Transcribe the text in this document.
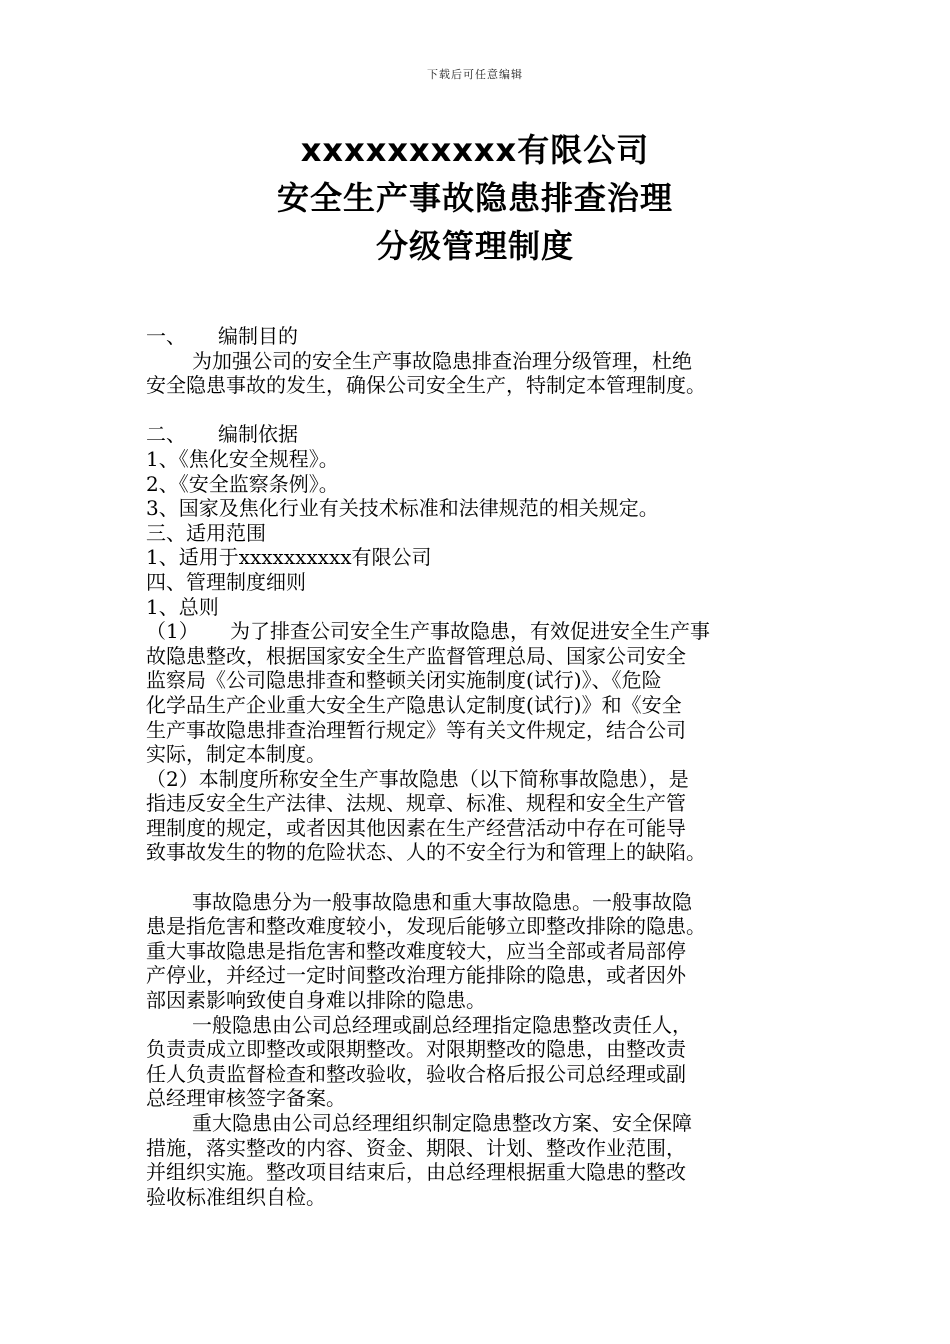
下载后可任意编辑
xxxxxxxxxx有限公司
安全生产事故隐患排查治理
分级管理制度

一、 编制目的

为加强公司的安全生产事故隐患排查治理分级管理，杜绝

安全隐患事故的发生，确保公司安全生产，特制定本管理制度。

二、 编制依据

1、《焦化安全规程》。

2、《安全监察条例》。

3、国家及焦化行业有关技术标准和法律规范的相关规定。

三、适用范围

1、适用于xxxxxxxxxx有限公司

四、管理制度细则

1、总则

（1） 为了排查公司安全生产事故隐患，有效促进安全生产事

故隐患整改，根据国家安全生产监督管理总局、国家公司安全

监察局《公司隐患排查和整顿关闭实施制度(试行)》、《危险

化学品生产企业重大安全生产隐患认定制度(试行)》和《安全

生产事故隐患排查治理暂行规定》等有关文件规定，结合公司

实际，制定本制度。

（2）本制度所称安全生产事故隐患（以下简称事故隐患），是

指违反安全生产法律、法规、规章、标准、规程和安全生产管

理制度的规定，或者因其他因素在生产经营活动中存在可能导

致事故发生的物的危险状态、人的不安全行为和管理上的缺陷。

事故隐患分为一般事故隐患和重大事故隐患。一般事故隐

患是指危害和整改难度较小，发现后能够立即整改排除的隐患。

重大事故隐患是指危害和整改难度较大，应当全部或者局部停

产停业，并经过一定时间整改治理方能排除的隐患，或者因外

部因素影响致使自身难以排除的隐患。

一般隐患由公司总经理或副总经理指定隐患整改责任人，

负责责成立即整改或限期整改。对限期整改的隐患，由整改责

任人负责监督检查和整改验收，验收合格后报公司总经理或副

总经理审核签字备案。

重大隐患由公司总经理组织制定隐患整改方案、安全保障

措施，落实整改的内容、资金、期限、计划、整改作业范围，

并组织实施。整改项目结束后，由总经理根据重大隐患的整改

验收标准组织自检。
